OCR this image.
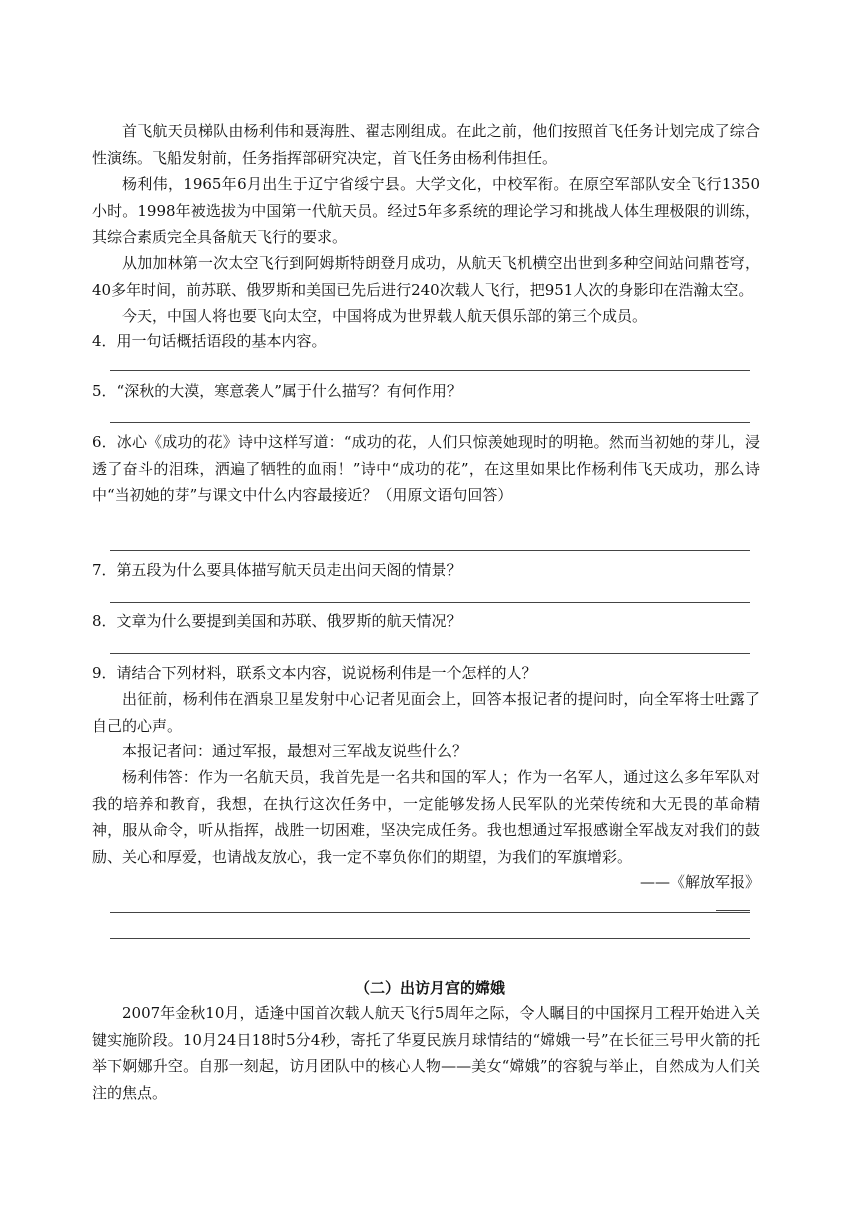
首飞航天员梯队由杨利伟和聂海胜、翟志刚组成。在此之前，他们按照首飞任务计划完成了综合性演练。飞船发射前，任务指挥部研究决定，首飞任务由杨利伟担任。

杨利伟，1965年6月出生于辽宁省绥宁县。大学文化，中校军衔。在原空军部队安全飞行1350小时。1998年被选拔为中国第一代航天员。经过5年多系统的理论学习和挑战人体生理极限的训练，其综合素质完全具备航天飞行的要求。

从加加林第一次太空飞行到阿姆斯特朗登月成功，从航天飞机横空出世到多种空间站问鼎苍穹，40多年时间，前苏联、俄罗斯和美国已先后进行240次载人飞行，把951人次的身影印在浩瀚太空。

今天，中国人将也要飞向太空，中国将成为世界载人航天俱乐部的第三个成员。

4．用一句话概括语段的基本内容。

5．“深秋的大漠，寒意袭人”属于什么描写？有何作用？

6．冰心《成功的花》诗中这样写道：“成功的花，人们只惊羡她现时的明艳。然而当初她的芽儿，浸透了奋斗的泪珠，洒遍了牺牲的血雨！”诗中“成功的花”，在这里如果比作杨利伟飞天成功，那么诗中“当初她的芽”与课文中什么内容最接近？（用原文语句回答）

7．第五段为什么要具体描写航天员走出问天阁的情景？

8．文章为什么要提到美国和苏联、俄罗斯的航天情况？

9．请结合下列材料，联系文本内容，说说杨利伟是一个怎样的人？

出征前，杨利伟在酒泉卫星发射中心记者见面会上，回答本报记者的提问时，向全军将士吐露了自己的心声。

本报记者问：通过军报，最想对三军战友说些什么？

杨利伟答：作为一名航天员，我首先是一名共和国的军人；作为一名军人，通过这么多年军队对我的培养和教育，我想，在执行这次任务中，一定能够发扬人民军队的光荣传统和大无畏的革命精神，服从命令，听从指挥，战胜一切困难，坚决完成任务。我也想通过军报感谢全军战友对我们的鼓励、关心和厚爱，也请战友放心，我一定不辜负你们的期望，为我们的军旗增彩。

——《解放军报》

（二）出访月宫的嫦娥

2007年金秋10月，适逢中国首次载人航天飞行5周年之际，令人瞩目的中国探月工程开始进入关键实施阶段。10月24日18时5分4秒，寄托了华夏民族月球情结的“嫦娥一号”在长征三号甲火箭的托举下婀娜升空。自那一刻起，访月团队中的核心人物——美女“嫦娥”的容貌与举止，自然成为人们关注的焦点。
